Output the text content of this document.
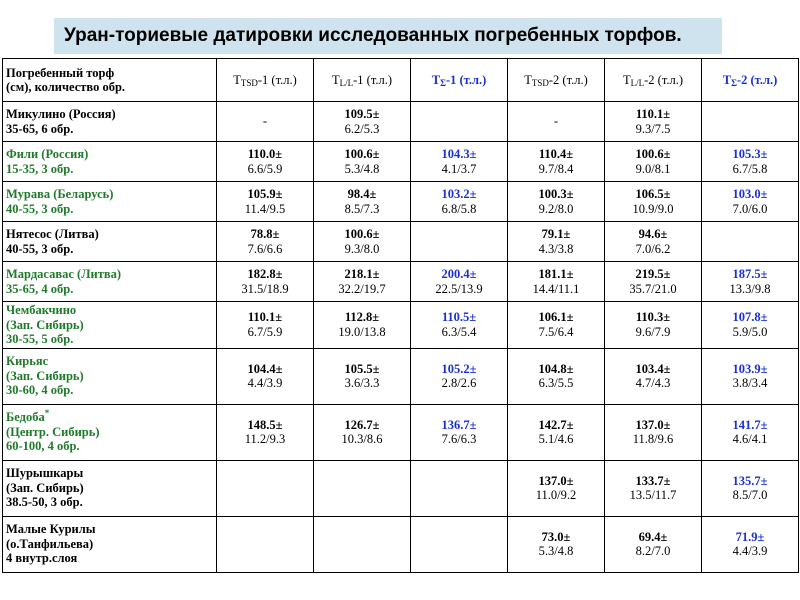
Уран-ториевые датировки исследованных погребенных торфов.
Погребенный торф
(см), количество обр.	$T_{TSD}-1$ (т.л.)	$T_{L/L}-1$ (т.л.)	$T_\Sigma-1$ (т.л.)	$T_{TSD}-2$ (т.л.)	$T_{L/L}-2$ (т.л.)	$T_\Sigma-2$ (т.л.)

Микулино (Россия)
35-65, 6 обр.	-	109.5±
6.2/5.3		-	110.1±
9.3/7.5	

Фили (Россия)
15-35, 3 обр.	110.0±
6.6/5.9	100.6±
5.3/4.8	104.3±
4.1/3.7	110.4±
9.7/8.4	100.6±
9.0/8.1	105.3±
6.7/5.8

Мурава (Беларусь)
40-55, 3 обр.	105.9±
11.4/9.5	98.4±
8.5/7.3	103.2±
6.8/5.8	100.3±
9.2/8.0	106.5±
10.9/9.0	103.0±
7.0/6.0

Нятесос (Литва)
40-55, 3 обр.	78.8±
7.6/6.6	100.6±
9.3/8.0		79.1±
4.3/3.8	94.6±
7.0/6.2	

Мардасавас (Литва)
35-65, 4 обр.	182.8±
31.5/18.9	218.1±
32.2/19.7	200.4±
22.5/13.9	181.1±
14.4/11.1	219.5±
35.7/21.0	187.5±
13.3/9.8

Чембакчино
(Зап. Сибирь)
30-55, 5 обр.	110.1±
6.7/5.9	112.8±
19.0/13.8	110.5±
6.3/5.4	106.1±
7.5/6.4	110.3±
9.6/7.9	107.8±
5.9/5.0

Кирьяс
(Зап. Сибирь)
30-60, 4 обр.	104.4±
4.4/3.9	105.5±
3.6/3.3	105.2±
2.8/2.6	104.8±
6.3/5.5	103.4±
4.7/4.3	103.9±
3.8/3.4

Бедоба*
(Центр. Сибирь)
60-100, 4 обр.	148.5±
11.2/9.3	126.7±
10.3/8.6	136.7±
7.6/6.3	142.7±
5.1/4.6	137.0±
11.8/9.6	141.7±
4.6/4.1

Шурышкары
(Зап. Сибирь)
38.5-50, 3 обр.				137.0±
11.0/9.2	133.7±
13.5/11.7	135.7±
8.5/7.0

Малые Курилы
(о.Танфильева)
4 внутр.слоя				73.0±
5.3/4.8	69.4±
8.2/7.0	71.9±
4.4/3.9
